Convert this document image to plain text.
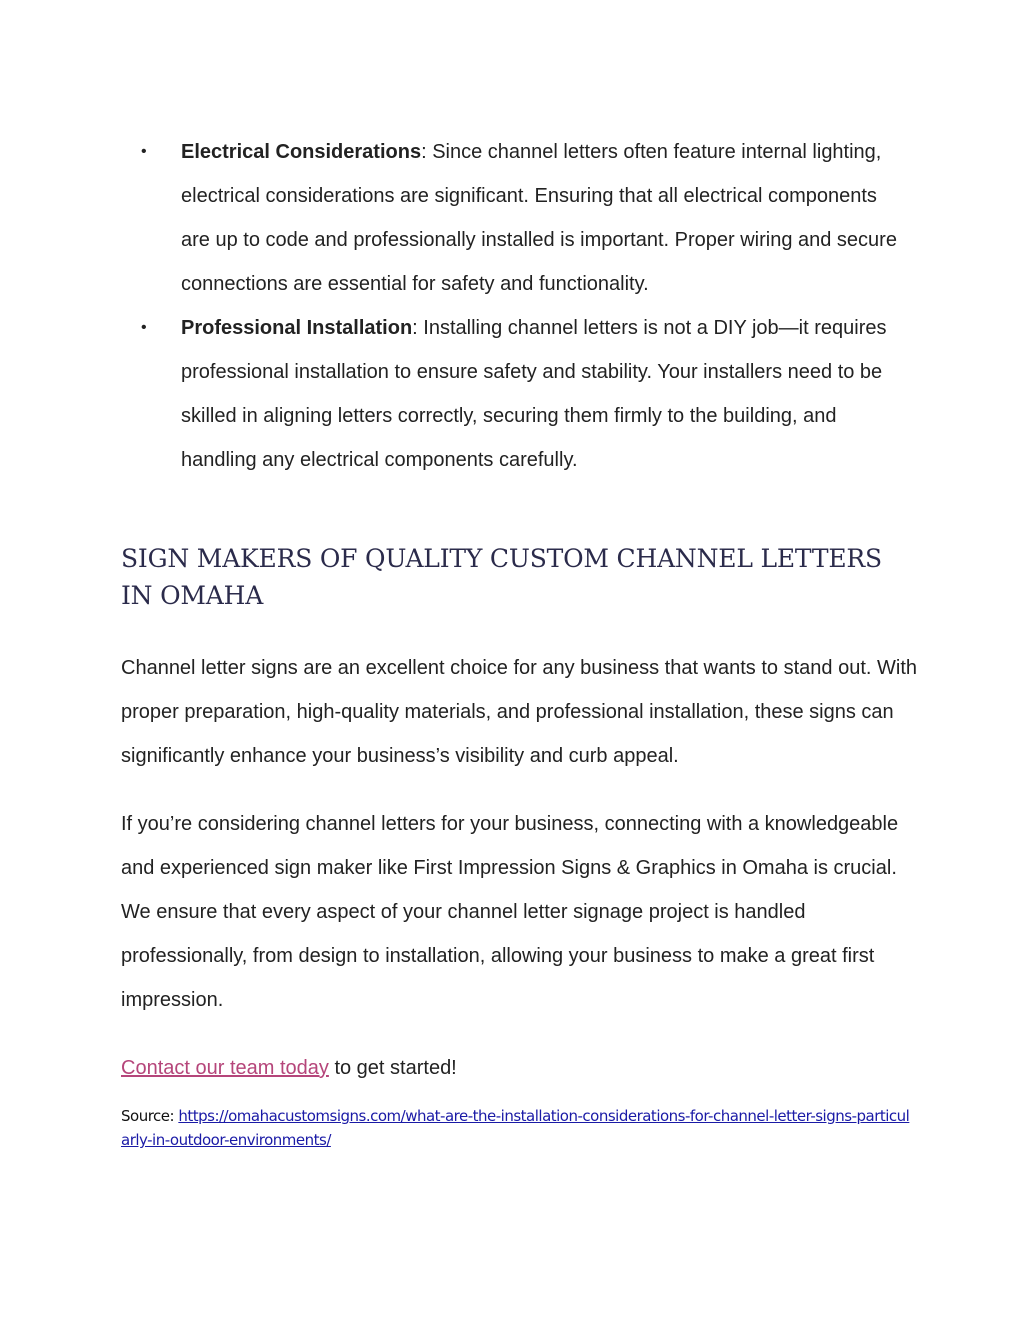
• Electrical Considerations: Since channel letters often feature internal lighting, electrical considerations are significant. Ensuring that all electrical components are up to code and professionally installed is important. Proper wiring and secure connections are essential for safety and functionality.
• Professional Installation: Installing channel letters is not a DIY job—it requires professional installation to ensure safety and stability. Your installers need to be skilled in aligning letters correctly, securing them firmly to the building, and handling any electrical components carefully.
SIGN MAKERS OF QUALITY CUSTOM CHANNEL LETTERS IN OMAHA

Channel letter signs are an excellent choice for any business that wants to stand out. With proper preparation, high-quality materials, and professional installation, these signs can significantly enhance your business’s visibility and curb appeal.

If you’re considering channel letters for your business, connecting with a knowledgeable and experienced sign maker like First Impression Signs & Graphics in Omaha is crucial. We ensure that every aspect of your channel letter signage project is handled professionally, from design to installation, allowing your business to make a great first impression.

Contact our team today to get started!

Source: https://omahacustomsigns.com/what-are-the-installation-considerations-for-channel-letter-signs-particularly-in-outdoor-environments/
